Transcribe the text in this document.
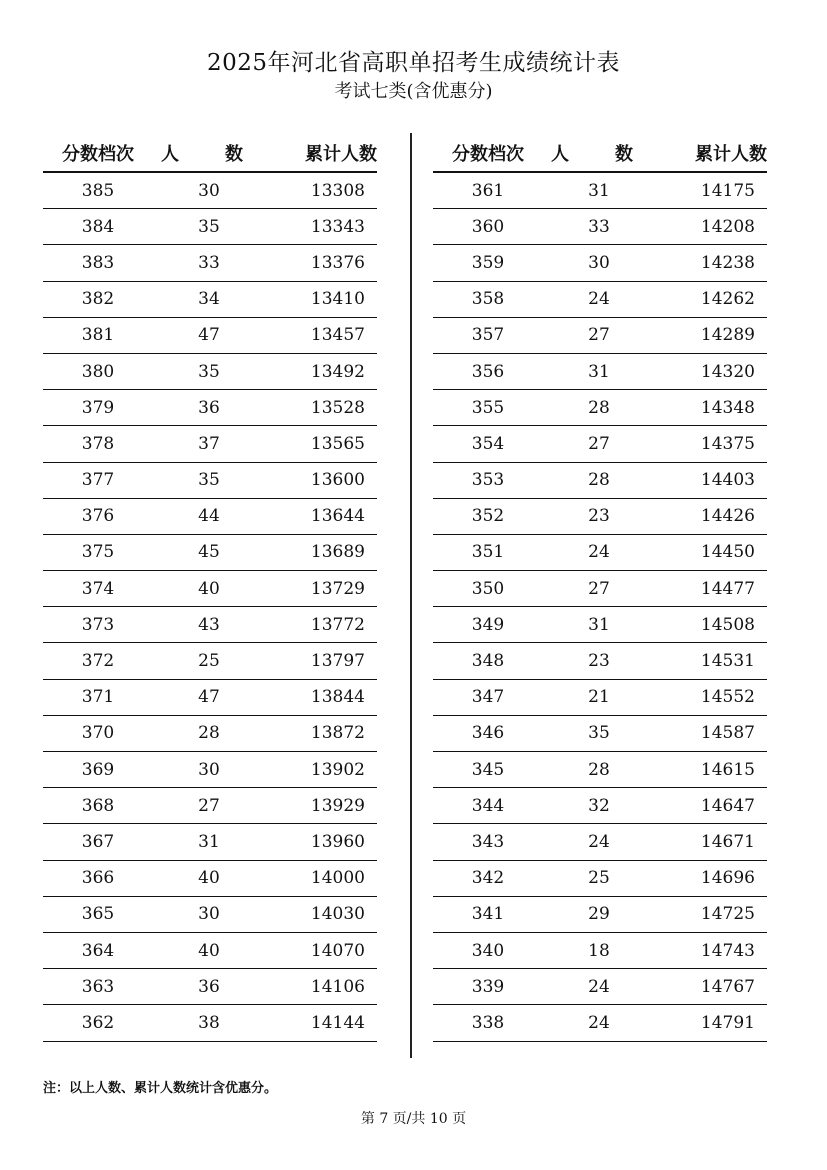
2025年河北省高职单招考生成绩统计表
考试七类(含优惠分)
分数档次	人　数	累计人数
385	30	13308
384	35	13343
383	33	13376
382	34	13410
381	47	13457
380	35	13492
379	36	13528
378	37	13565
377	35	13600
376	44	13644
375	45	13689
374	40	13729
373	43	13772
372	25	13797
371	47	13844
370	28	13872
369	30	13902
368	27	13929
367	31	13960
366	40	14000
365	30	14030
364	40	14070
363	36	14106
362	38	14144
分数档次	人　数	累计人数
361	31	14175
360	33	14208
359	30	14238
358	24	14262
357	27	14289
356	31	14320
355	28	14348
354	27	14375
353	28	14403
352	23	14426
351	24	14450
350	27	14477
349	31	14508
348	23	14531
347	21	14552
346	35	14587
345	28	14615
344	32	14647
343	24	14671
342	25	14696
341	29	14725
340	18	14743
339	24	14767
338	24	14791
注：以上人数、累计人数统计含优惠分。
第 7 页/共 10 页
